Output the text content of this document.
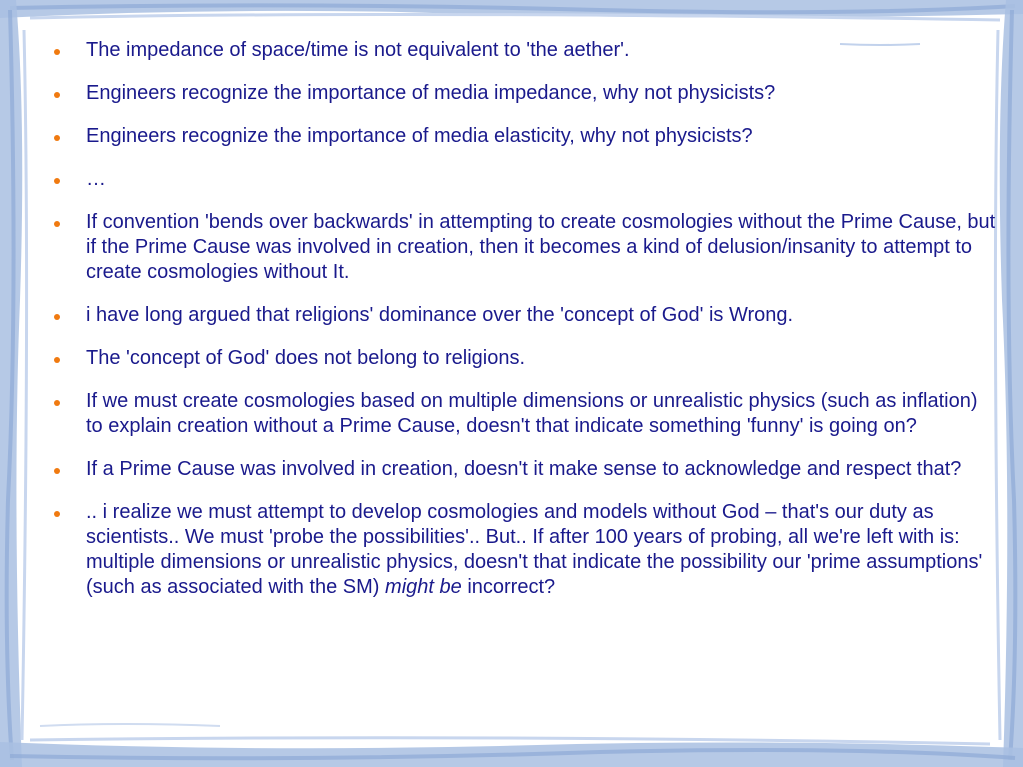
The impedance of space/time is not equivalent to 'the aether'.
Engineers recognize the importance of media impedance, why not physicists?
Engineers recognize the importance of media elasticity, why not physicists?
…
If convention 'bends over backwards' in attempting to create cosmologies without the Prime Cause, but if the Prime Cause was involved in creation, then it becomes a kind of delusion/insanity to attempt to create cosmologies without It.
i have long argued that religions' dominance over the 'concept of God' is Wrong.
The 'concept of God' does not belong to religions.
If we must create cosmologies based on multiple dimensions or unrealistic physics (such as inflation) to explain creation without a Prime Cause, doesn't that indicate something 'funny' is going on?
If a Prime Cause was involved in creation, doesn't it make sense to acknowledge and respect that?
.. i realize we must attempt to develop cosmologies and models without God – that's our duty as scientists.. We must 'probe the possibilities'.. But.. If after 100 years of probing, all we're left with is: multiple dimensions or unrealistic physics, doesn't that indicate the possibility our 'prime assumptions' (such as associated with the SM) might be incorrect?
